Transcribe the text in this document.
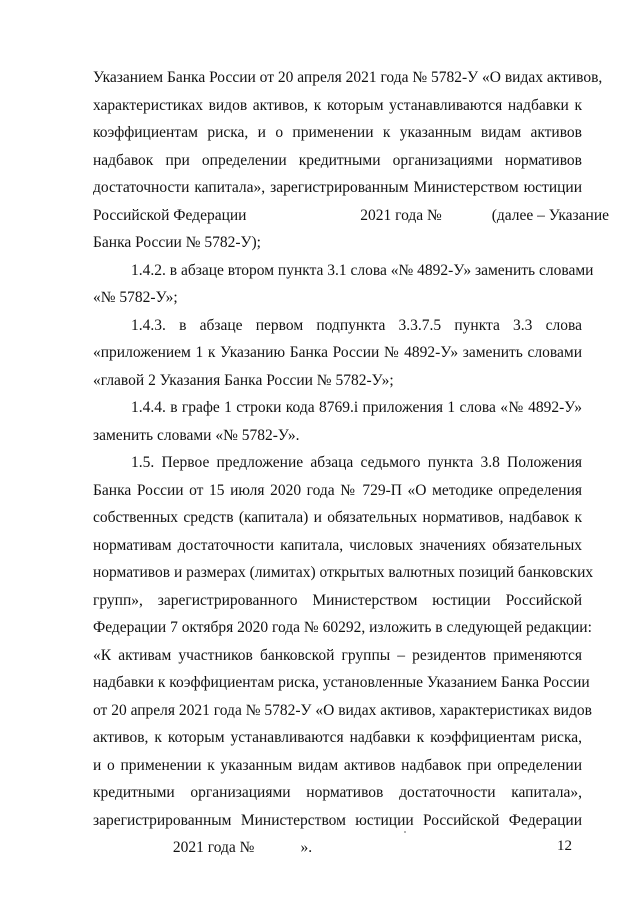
Указанием Банка России от 20 апреля 2021 года № 5782-У «О видах активов,
характеристиках видов активов, к которым устанавливаются надбавки к
коэффициентам риска, и о применении к указанным видам активов
надбавок при определении кредитными организациями нормативов
достаточности капитала», зарегистрированным Министерством юстиции
Российской Федерации	2021 года №	(далее – Указание
Банка России № 5782-У);
1.4.2. в абзаце втором пункта 3.1 слова «№ 4892-У» заменить словами
«№ 5782-У»;
1.4.3. в абзаце первом подпункта 3.3.7.5 пункта 3.3 слова
«приложением 1 к Указанию Банка России № 4892-У» заменить словами
«главой 2 Указания Банка России № 5782-У»;
1.4.4. в графе 1 строки кода 8769.i приложения 1 слова «№ 4892-У»
заменить словами «№ 5782-У».
1.5. Первое предложение абзаца седьмого пункта 3.8 Положения
Банка России от 15 июля 2020 года № 729-П «О методике определения
собственных средств (капитала) и обязательных нормативов, надбавок к
нормативам достаточности капитала, числовых значениях обязательных
нормативов и размерах (лимитах) открытых валютных позиций банковских
групп», зарегистрированного Министерством юстиции Российской
Федерации 7 октября 2020 года № 60292, изложить в следующей редакции:
«К активам участников банковской группы – резидентов применяются
надбавки к коэффициентам риска, установленные Указанием Банка России
от 20 апреля 2021 года № 5782-У «О видах активов, характеристиках видов
активов, к которым устанавливаются надбавки к коэффициентам риска,
и о применении к указанным видам активов надбавок при определении
кредитными организациями нормативов достаточности капитала»,
зарегистрированным Министерством юстиции Российской Федерации
2021 года №	».	12
